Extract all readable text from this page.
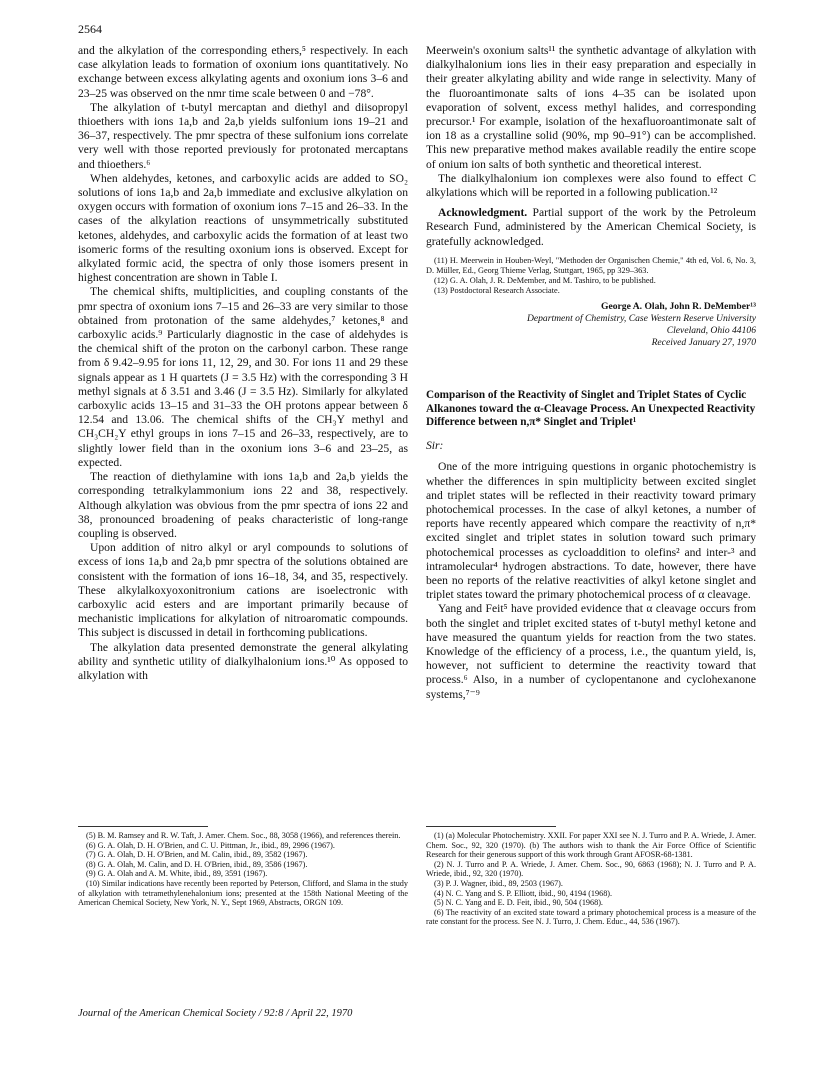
2564

and the alkylation of the corresponding ethers,⁵ respectively. In each case alkylation leads to formation of oxonium ions quantitatively. No exchange between excess alkylating agents and oxonium ions 3–6 and 23–25 was observed on the nmr time scale between 0 and −78°.

The alkylation of t-butyl mercaptan and diethyl and diisopropyl thioethers with ions 1a,b and 2a,b yields sulfonium ions 19–21 and 36–37, respectively. The pmr spectra of these sulfonium ions correlate very well with those reported previously for protonated mercaptans and thioethers.⁶

When aldehydes, ketones, and carboxylic acids are added to SO₂ solutions of ions 1a,b and 2a,b immediate and exclusive alkylation on oxygen occurs with formation of oxonium ions 7–15 and 26–33. In the cases of the alkylation reactions of unsymmetrically substituted ketones, aldehydes, and carboxylic acids the formation of at least two isomeric forms of the resulting oxonium ions is observed. Except for alkylated formic acid, the spectra of only those isomers present in highest concentration are shown in Table I.

The chemical shifts, multiplicities, and coupling constants of the pmr spectra of oxonium ions 7–15 and 26–33 are very similar to those obtained from protonation of the same aldehydes,⁷ ketones,⁸ and carboxylic acids.⁹ Particularly diagnostic in the case of aldehydes is the chemical shift of the proton on the carbonyl carbon. These range from δ 9.42–9.95 for ions 11, 12, 29, and 30. For ions 11 and 29 these signals appear as 1 H quartets (J = 3.5 Hz) with the corresponding 3 H methyl signals at δ 3.51 and 3.46 (J = 3.5 Hz). Similarly for alkylated carboxylic acids 13–15 and 31–33 the OH protons appear between δ 12.54 and 13.06. The chemical shifts of the CH₃Y methyl and CH₃CH₂Y ethyl groups in ions 7–15 and 26–33, respectively, are to slightly lower field than in the oxonium ions 3–6 and 23–25, as expected.

The reaction of diethylamine with ions 1a,b and 2a,b yields the corresponding tetralkylammonium ions 22 and 38, respectively. Although alkylation was obvious from the pmr spectra of ions 22 and 38, pronounced broadening of peaks characteristic of long-range coupling is observed.

Upon addition of nitro alkyl or aryl compounds to solutions of excess of ions 1a,b and 2a,b pmr spectra of the solutions obtained are consistent with the formation of ions 16–18, 34, and 35, respectively. These alkylalkoxyoxonitronium cations are isoelectronic with carboxylic acid esters and are important primarily because of mechanistic implications for alkylation of nitroaromatic compounds. This subject is discussed in detail in forthcoming publications.

The alkylation data presented demonstrate the general alkylating ability and synthetic utility of dialkylhalonium ions.¹⁰ As opposed to alkylation with

(5) B. M. Ramsey and R. W. Taft, J. Amer. Chem. Soc., 88, 3058 (1966), and references therein.

(6) G. A. Olah, D. H. O'Brien, and C. U. Pittman, Jr., ibid., 89, 2996 (1967).

(7) G. A. Olah, D. H. O'Brien, and M. Calin, ibid., 89, 3582 (1967).

(8) G. A. Olah, M. Calin, and D. H. O'Brien, ibid., 89, 3586 (1967).

(9) G. A. Olah and A. M. White, ibid., 89, 3591 (1967).

(10) Similar indications have recently been reported by Peterson, Clifford, and Slama in the study of alkylation with tetramethylenehalonium ions; presented at the 158th National Meeting of the American Chemical Society, New York, N. Y., Sept 1969, Abstracts, ORGN 109.

Meerwein's oxonium salts¹¹ the synthetic advantage of alkylation with dialkylhalonium ions lies in their easy preparation and especially in their greater alkylating ability and wide range in selectivity. Many of the fluoroantimonate salts of ions 4–35 can be isolated upon evaporation of solvent, excess methyl halides, and corresponding precursor.¹ For example, isolation of the hexafluoroantimonate salt of ion 18 as a crystalline solid (90%, mp 90–91°) can be accomplished. This new preparative method makes available readily the entire scope of onium ion salts of both synthetic and theoretical interest.

The dialkylhalonium ion complexes were also found to effect C alkylations which will be reported in a following publication.¹²

Acknowledgment. Partial support of the work by the Petroleum Research Fund, administered by the American Chemical Society, is gratefully acknowledged.

(11) H. Meerwein in Houben-Weyl, "Methoden der Organischen Chemie," 4th ed, Vol. 6, No. 3, D. Müller, Ed., Georg Thieme Verlag, Stuttgart, 1965, pp 329–363.

(12) G. A. Olah, J. R. DeMember, and M. Tashiro, to be published.

(13) Postdoctoral Research Associate.

George A. Olah, John R. DeMember¹³
Department of Chemistry, Case Western Reserve University
Cleveland, Ohio 44106
Received January 27, 1970
Comparison of the Reactivity of Singlet and Triplet States of Cyclic Alkanones toward the α-Cleavage Process. An Unexpected Reactivity Difference between n,π* Singlet and Triplet¹
Sir:

One of the more intriguing questions in organic photochemistry is whether the differences in spin multiplicity between excited singlet and triplet states will be reflected in their reactivity toward primary photochemical processes. In the case of alkyl ketones, a number of reports have recently appeared which compare the reactivity of n,π* excited singlet and triplet states in solution toward such primary photochemical processes as cycloaddition to olefins² and inter-³ and intramolecular⁴ hydrogen abstractions. To date, however, there have been no reports of the relative reactivities of alkyl ketone singlet and triplet states toward the primary photochemical process of α cleavage.

Yang and Feit⁵ have provided evidence that α cleavage occurs from both the singlet and triplet excited states of t-butyl methyl ketone and have measured the quantum yields for reaction from the two states. Knowledge of the efficiency of a process, i.e., the quantum yield, is, however, not sufficient to determine the reactivity toward that process.⁶ Also, in a number of cyclopentanone and cyclohexanone systems,⁷⁻⁹

(1) (a) Molecular Photochemistry. XXII. For paper XXI see N. J. Turro and P. A. Wriede, J. Amer. Chem. Soc., 92, 320 (1970). (b) The authors wish to thank the Air Force Office of Scientific Research for their generous support of this work through Grant AFOSR-68-1381.

(2) N. J. Turro and P. A. Wriede, J. Amer. Chem. Soc., 90, 6863 (1968); N. J. Turro and P. A. Wriede, ibid., 92, 320 (1970).

(3) P. J. Wagner, ibid., 89, 2503 (1967).

(4) N. C. Yang and S. P. Elliott, ibid., 90, 4194 (1968).

(5) N. C. Yang and E. D. Feit, ibid., 90, 504 (1968).

(6) The reactivity of an excited state toward a primary photochemical process is a measure of the rate constant for the process. See N. J. Turro, J. Chem. Educ., 44, 536 (1967).

Journal of the American Chemical Society / 92:8 / April 22, 1970
